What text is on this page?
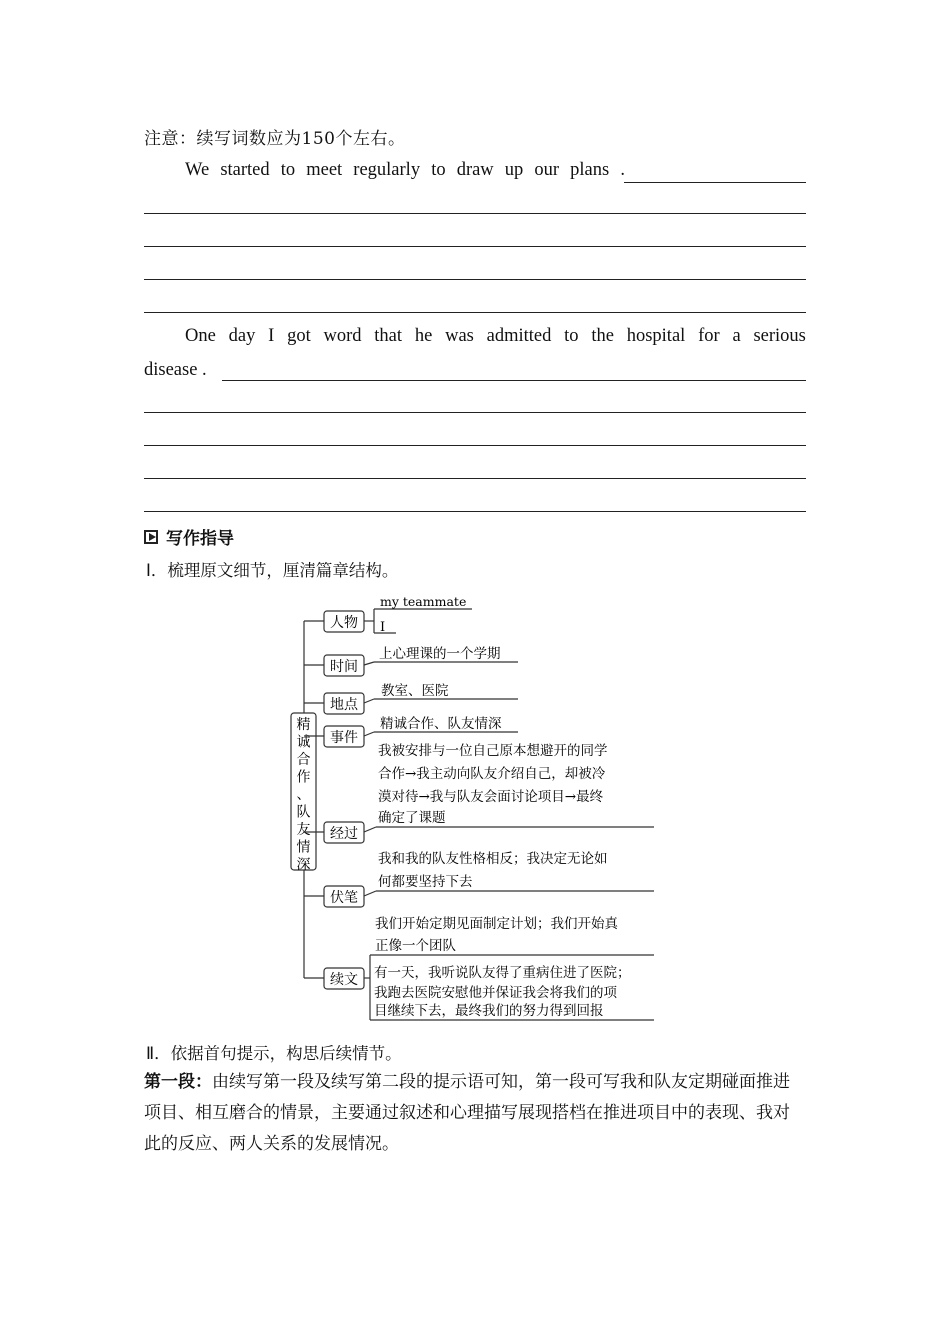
注意：续写词数应为150个左右。
We started to meet regularly to draw up our plans .
One day I got word that he was admitted to the hospital for a serious
disease .
写作指导
Ⅰ．梳理原文细节，厘清篇章结构。
精
诚
合
作
、
队
友
情
深
人物
my teammate
I
时间
上心理课的一个学期
地点
教室、医院
事件
精诚合作、队友情深
经过
我被安排与一位自己原本想避开的同学
合作→我主动向队友介绍自己，却被冷
漠对待→我与队友会面讨论项目→最终
确定了课题
伏笔
我和我的队友性格相反；我决定无论如
何都要坚持下去
续文
我们开始定期见面制定计划；我们开始真
正像一个团队
有一天，我听说队友得了重病住进了医院；
我跑去医院安慰他并保证我会将我们的项
目继续下去，最终我们的努力得到回报
Ⅱ．依据首句提示，构思后续情节。
第一段：由续写第一段及续写第二段的提示语可知，第一段可写我和队友定期碰面推进项目、相互磨合的情景，主要通过叙述和心理描写展现搭档在推进项目中的表现、我对此的反应、两人关系的发展情况。
